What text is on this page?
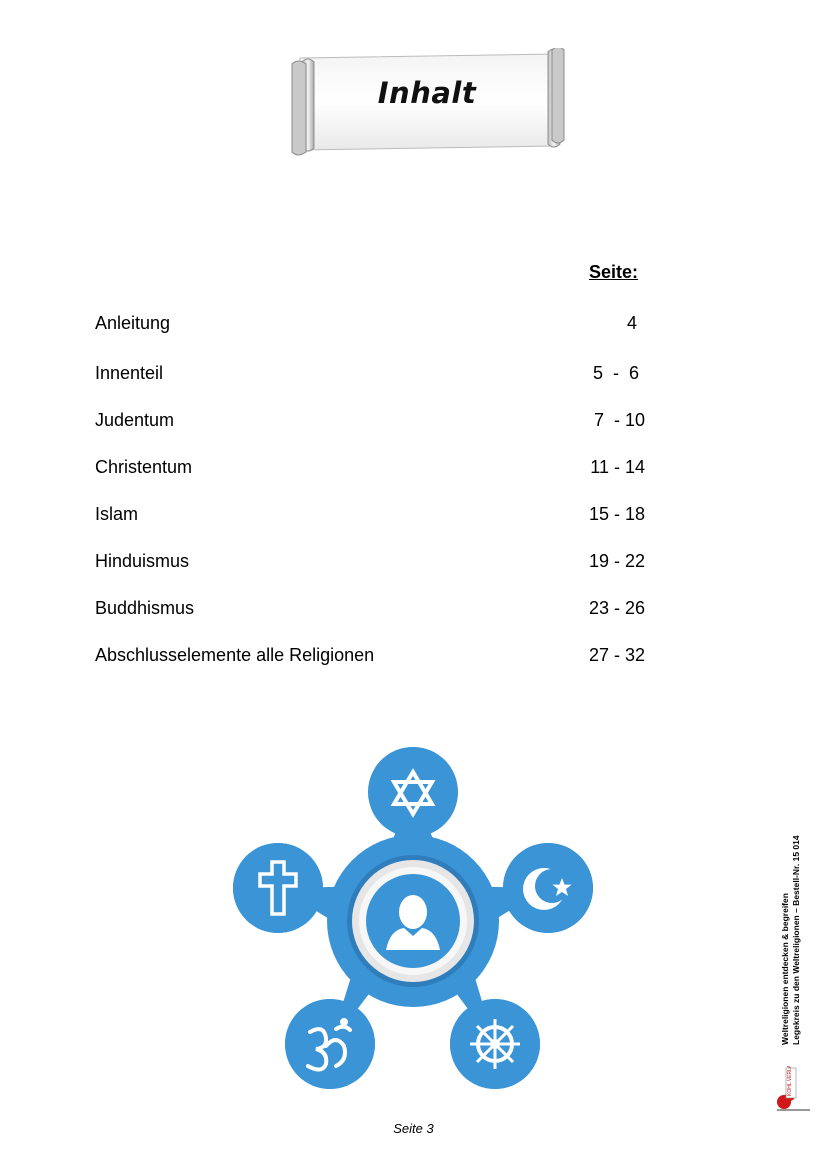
Inhalt
Seite:
Anleitung	4
Innenteil	5  -  6
Judentum	7  - 10
Christentum	11 - 14
Islam	15 - 18
Hinduismus	19 - 22
Buddhismus	23 - 26
Abschlusselemente alle Religionen	27 - 32
Weltreligionen entdecken & begreifen Legekreis zu den Weltreligionen – Bestell-Nr. 15 014
KOHL VERLAG
Seite 3
